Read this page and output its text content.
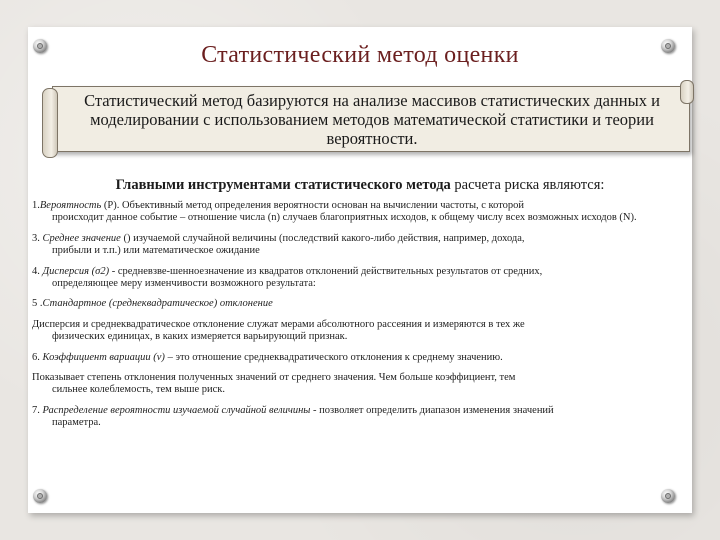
Статистический метод оценки
Статистический метод базируются на анализе массивов статистических данных и моделировании с использованием методов математической статистики и теории вероятности.
Главными инструментами статистического метода расчета риска являются:
1.Вероятность (Р). Объективный метод определения вероятности основан на вычислении частоты, с которой
происходит данное событие – отношение числа (n) случаев благоприятных исходов, к общему числу всех возможных исходов (N).
3. Среднее значение () изучаемой случайной величины (последствий какого-либо действия, например, дохода,
прибыли и т.п.) или математическое ожидание
4. Дисперсия (σ2) - средневзве-шенноезначение из квадратов отклонений действительных результатов от средних,
определяющее меру изменчивости возможного результата:
5 .Стандартное (среднеквадратическое) отклонение
Дисперсия и среднеквадратическое отклонение служат мерами абсолютного рассеяния и измеряются в тех же
физических единицах, в каких измеряется варьирующий признак.
6. Коэффициент вариации (v) – это отношение среднеквадратического отклонения к среднему значению.
Показывает степень отклонения полученных значений от среднего значения. Чем больше коэффициент, тем
сильнее колеблемость, тем выше риск.
7. Распределение вероятности изучаемой случайной величины - позволяет определить диапазон изменения значений
параметра.
